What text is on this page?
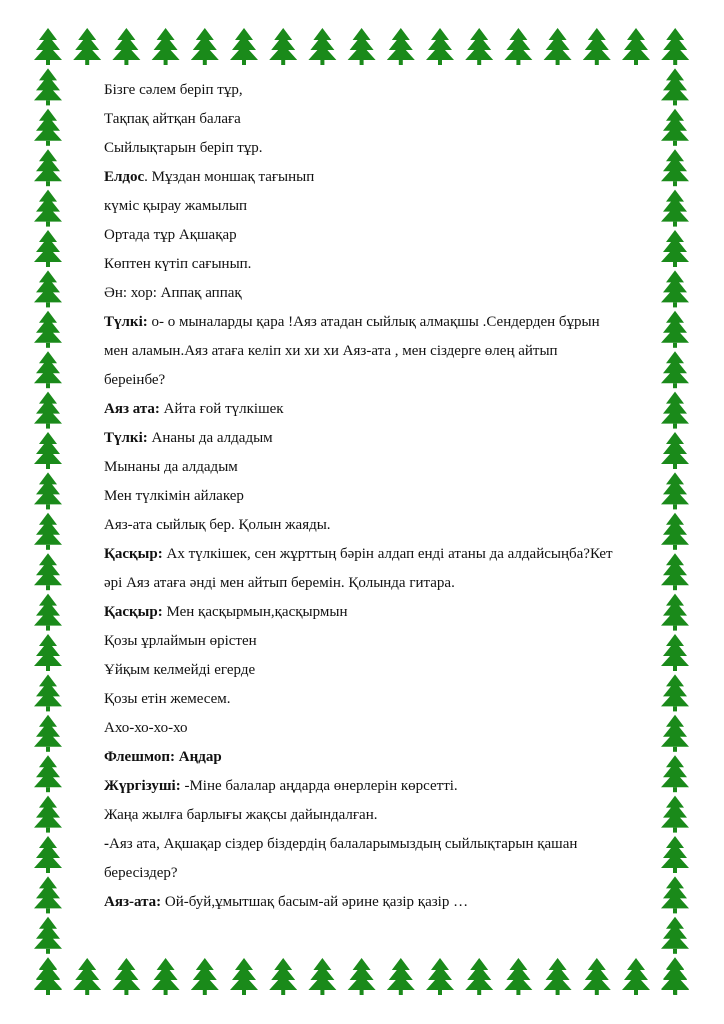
Бізге сәлем беріп тұр,
Тақпақ айтқан балаға
Сыйлықтарын беріп тұр.
Елдос. Мұздан моншақ тағынып
күміс қырау жамылып
Ортада тұр Ақшақар
Көптен күтіп сағынып.
Ән: хор: Аппақ аппақ
Түлкі: о- о мыналарды қара !Аяз атадан сыйлық алмақшы .Сендерден бұрын
мен аламын.Аяз атаға келіп хи хи хи Аяз-ата , мен сіздерге өлең айтып
береінбе?
Аяз ата: Айта ғой түлкішек
Түлкі: Ананы да алдадым
Мынаны да алдадым
Мен түлкімін айлакер
Аяз-ата сыйлық бер. Қолын жаяды.
Қасқыр: Ах түлкішек, сен жұрттың бәрін алдап енді атаны да алдайсыңба?Кет
әрі Аяз атаға әнді мен айтып беремін. Қолында гитара.
Қасқыр: Мен қасқырмын,қасқырмын
Қозы ұрлаймын өрістен
Ұйқым келмейді егерде
Қозы етін жемесем.
Ахо-хо-хо-хо
Флешмоп: Аңдар
Жүргізуші: -Міне балалар аңдарда өнерлерін көрсетті.
Жаңа жылға барлығы жақсы дайындалған.
-Аяз ата, Ақшақар сіздер біздердің балаларымыздың сыйлықтарын қашан
бересіздер?
Аяз-ата: Ой-буй,ұмытшақ басым-ай әрине қазір қазір …
